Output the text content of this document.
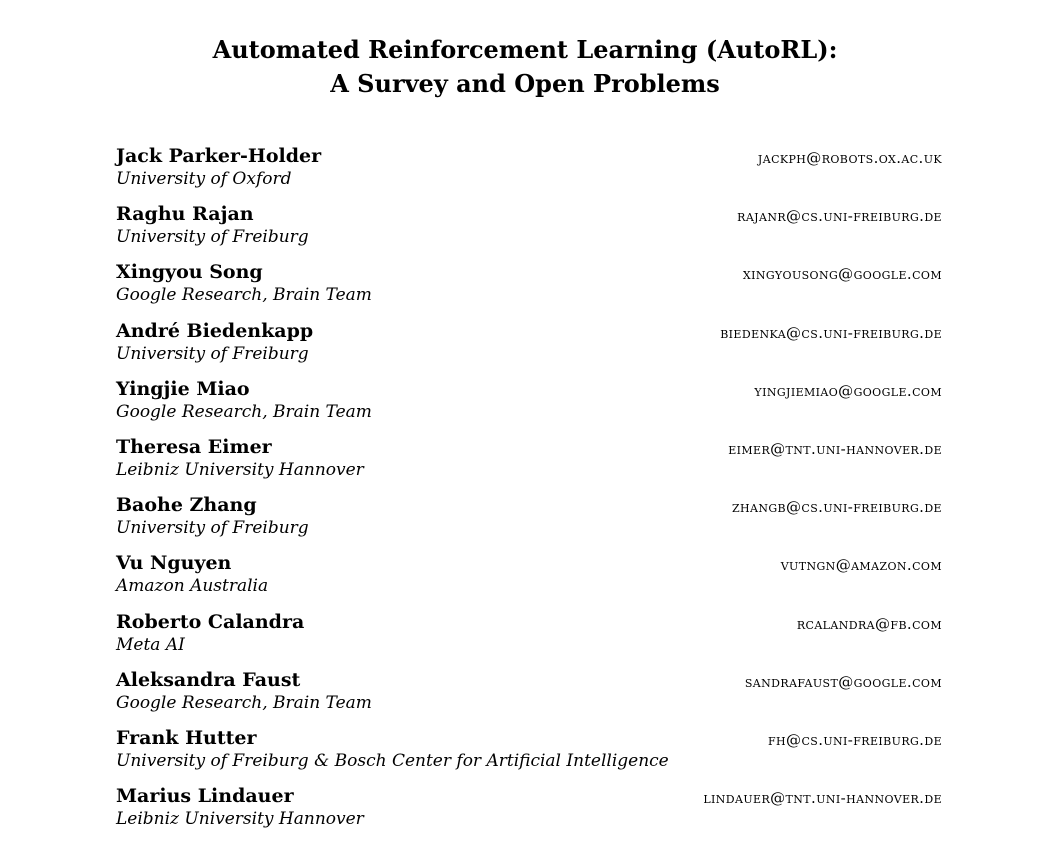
Automated Reinforcement Learning (AutoRL):
A Survey and Open Problems
Jack Parker-Holder	jackph@robots.ox.ac.uk
University of Oxford
Raghu Rajan	rajanr@cs.uni-freiburg.de
University of Freiburg
Xingyou Song	xingyousong@google.com
Google Research, Brain Team
André Biedenkapp	biedenka@cs.uni-freiburg.de
University of Freiburg
Yingjie Miao	yingjiemiao@google.com
Google Research, Brain Team
Theresa Eimer	eimer@tnt.uni-hannover.de
Leibniz University Hannover
Baohe Zhang	zhangb@cs.uni-freiburg.de
University of Freiburg
Vu Nguyen	vutngn@amazon.com
Amazon Australia
Roberto Calandra	rcalandra@fb.com
Meta AI
Aleksandra Faust	sandrafaust@google.com
Google Research, Brain Team
Frank Hutter	fh@cs.uni-freiburg.de
University of Freiburg & Bosch Center for Artificial Intelligence
Marius Lindauer	lindauer@tnt.uni-hannover.de
Leibniz University Hannover
